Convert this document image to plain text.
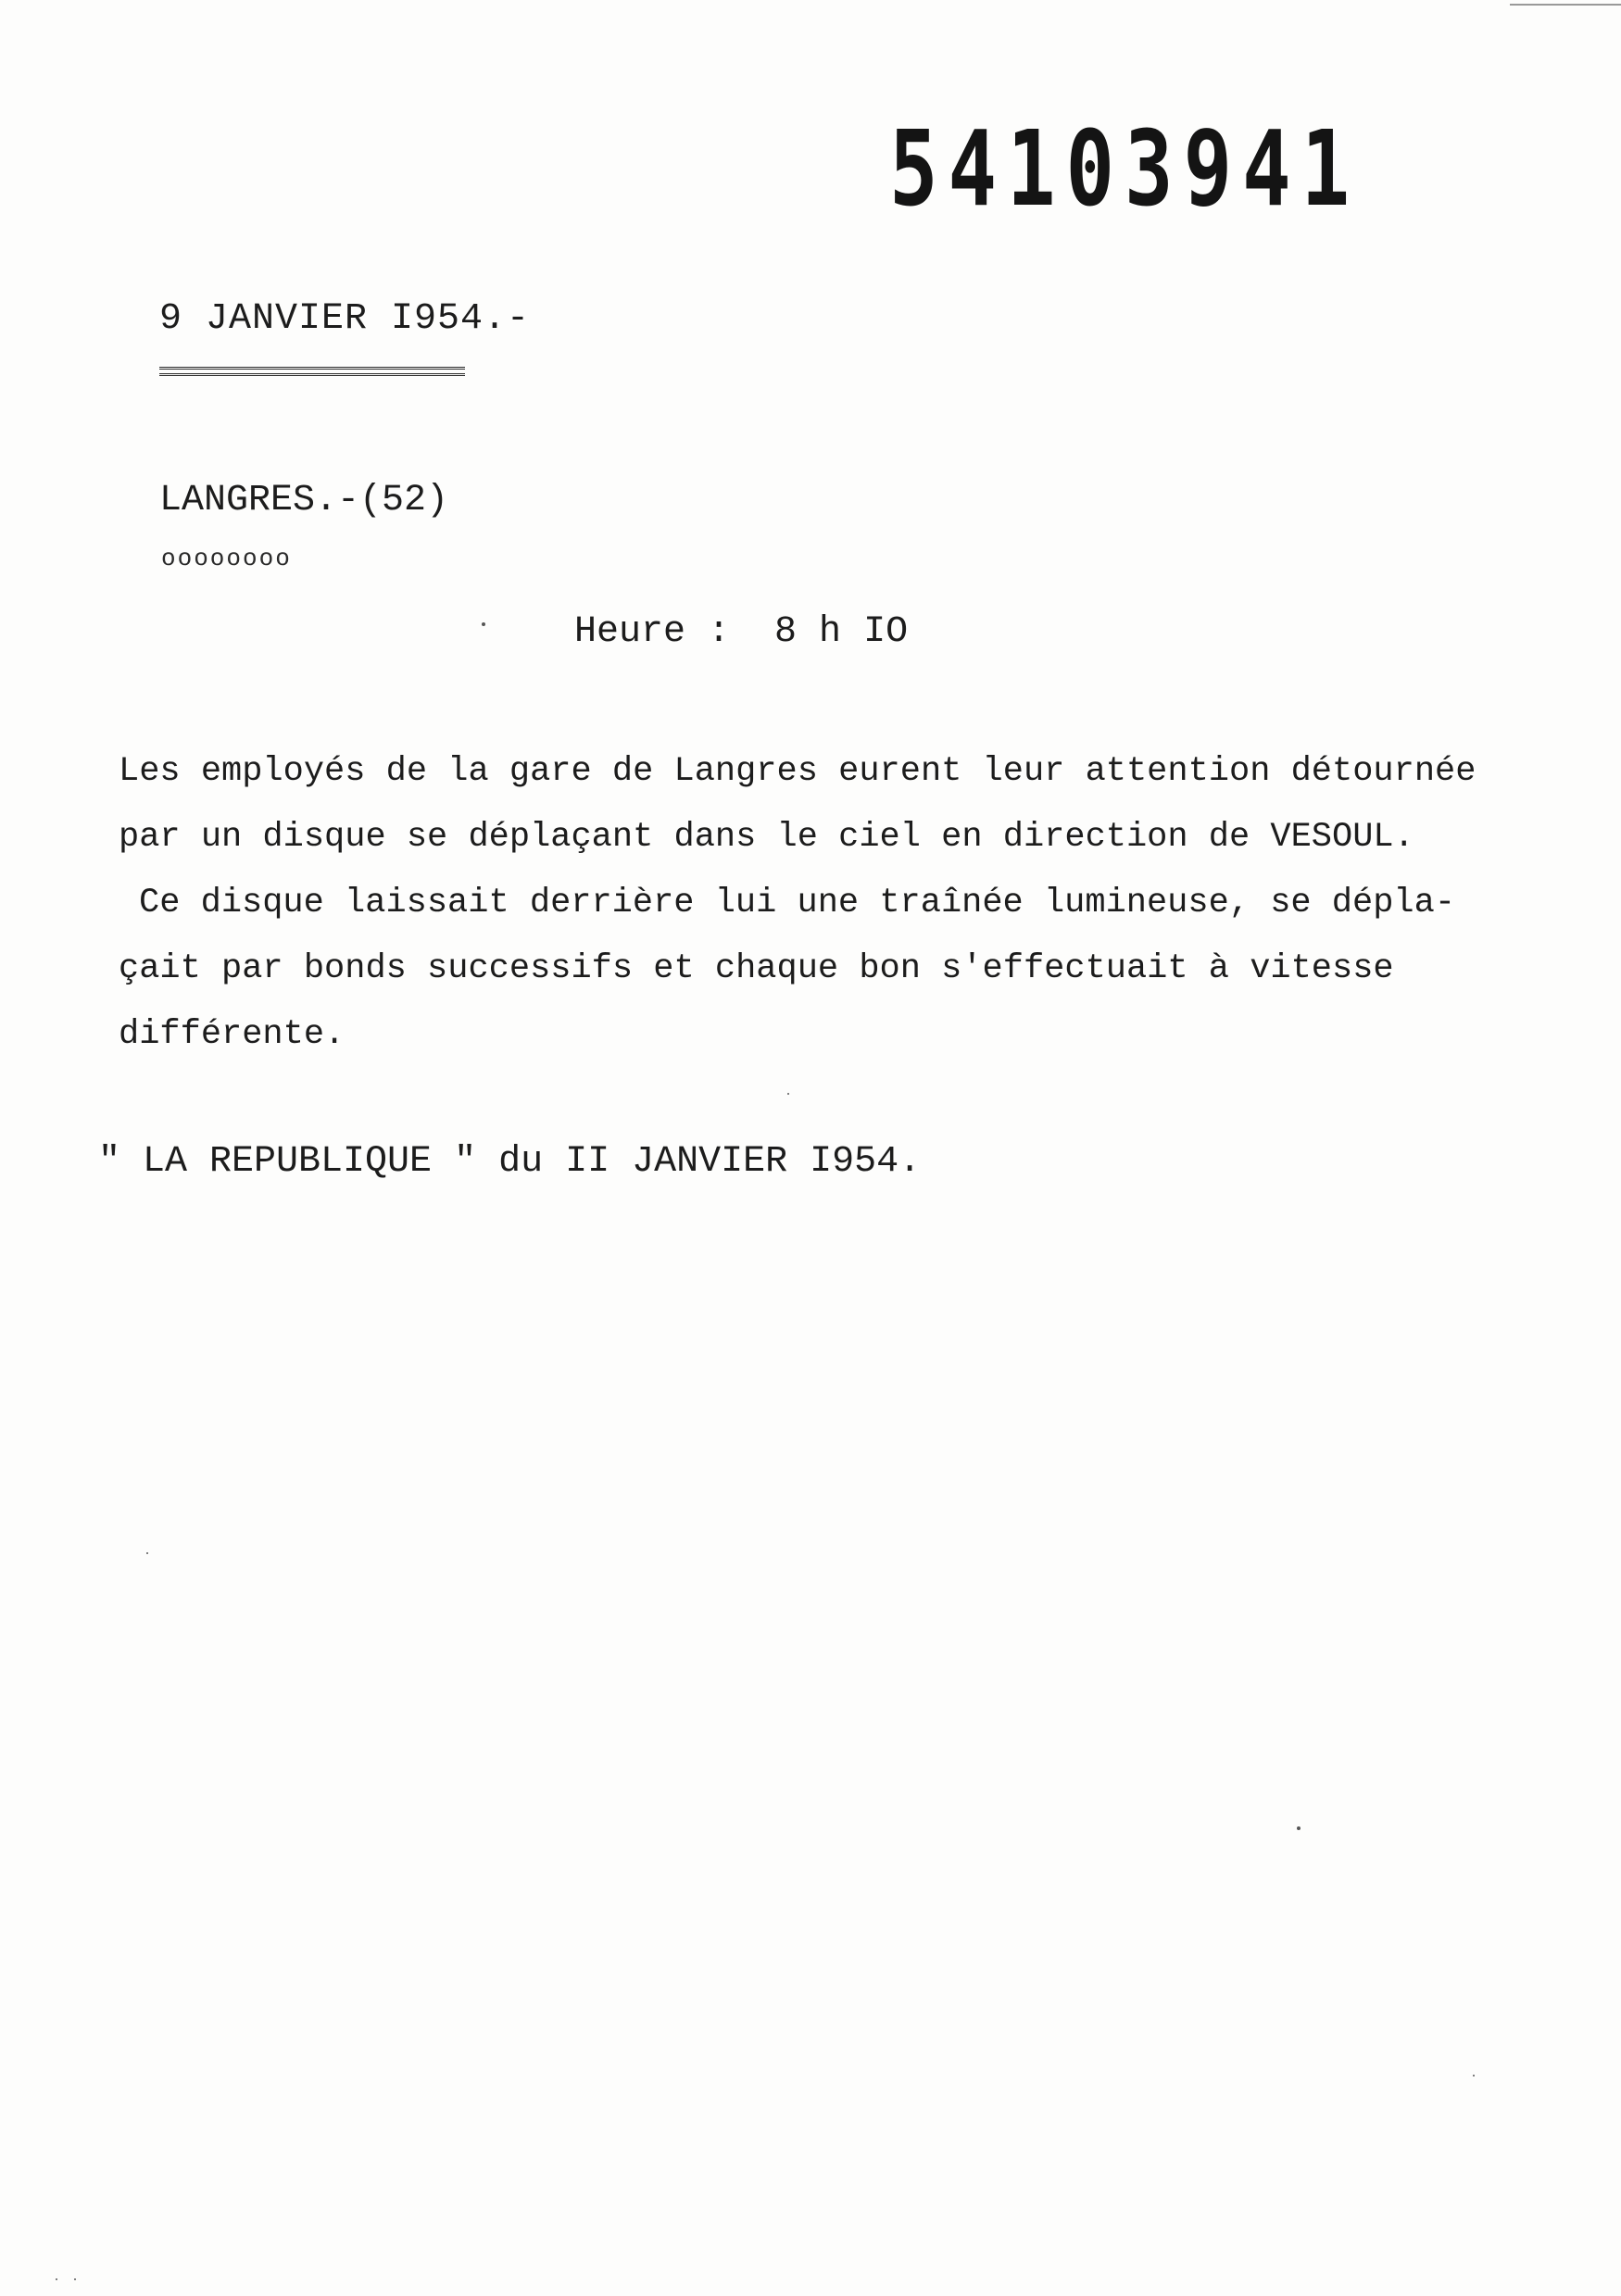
54103941
9 JANVIER I954.-
LANGRES.-(52)
oooooooo
Heure : 8 h IO
Les employés de la gare de Langres eurent leur attention détournée
par un disque se déplaçant dans le ciel en direction de VESOUL.
Ce disque laissait derrière lui une traînée lumineuse, se dépla-
çait par bonds successifs et chaque bon s'effectuait à vitesse
différente.
" LA REPUBLIQUE " du II JANVIER I954.
